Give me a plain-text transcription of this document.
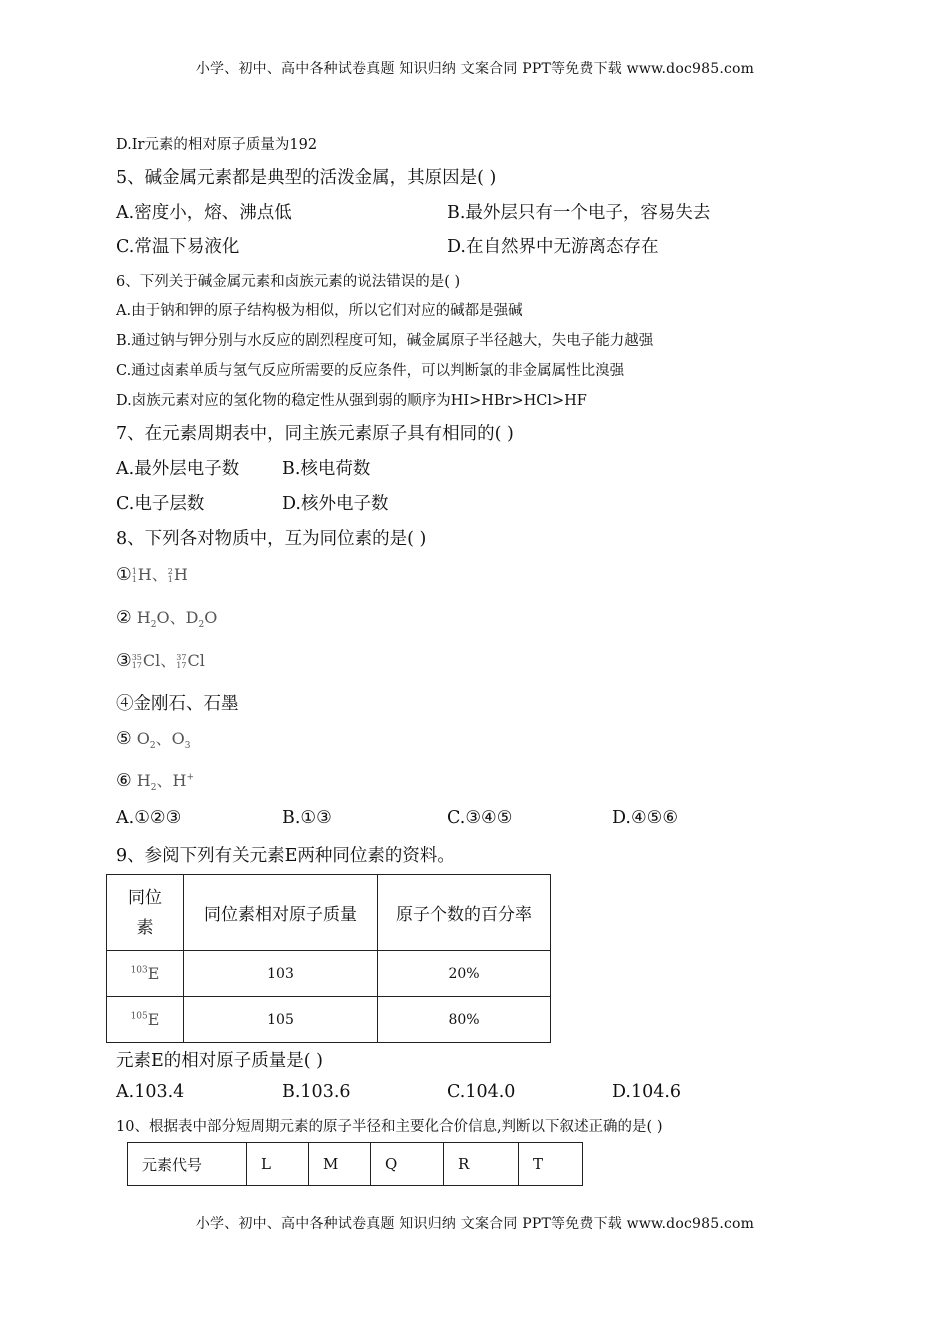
小学、初中、高中各种试卷真题 知识归纳 文案合同 PPT等免费下载 www.doc985.com
D.Ir元素的相对原子质量为192
5、碱金属元素都是典型的活泼金属，其原因是( )
A.密度小，熔、沸点低	B.最外层只有一个电子，容易失去
C.常温下易液化	D.在自然界中无游离态存在
6、下列关于碱金属元素和卤族元素的说法错误的是( )
A.由于钠和钾的原子结构极为相似，所以它们对应的碱都是强碱
B.通过钠与钾分别与水反应的剧烈程度可知，碱金属原子半径越大，失电子能力越强
C.通过卤素单质与氢气反应所需要的反应条件，可以判断氯的非金属属性比溴强
D.卤族元素对应的氢化物的稳定性从强到弱的顺序为HI>HBr>HCl>HF
7、在元素周期表中，同主族元素原子具有相同的( )
A.最外层电子数 B.核电荷数
C.电子层数	D.核外电子数
8、下列各对物质中，互为同位素的是( )
① 1
1 H、 2
1 H
② $H_2O$、$D_2O$
③ 35
17 Cl、 37
17 Cl
④金刚石、石墨
⑤ $O_2$、$O_3$
⑥ $H_2$、H+
A.①②③	B.①③	C.③④⑤	D.④⑤⑥
9、参阅下列有关元素E两种同位素的资料。
同位
素	同位素相对原子质量	原子个数的百分率
$^{103}$E	103	20%
$^{105}$E	105	80%
元素E的相对原子质量是( )
A.103.4	B.103.6	C.104.0	D.104.6
10、根据表中部分短周期元素的原子半径和主要化合价信息,判断以下叙述正确的是( )
元素代号	L	M	Q	R	T
小学、初中、高中各种试卷真题 知识归纳 文案合同 PPT等免费下载 www.doc985.com
